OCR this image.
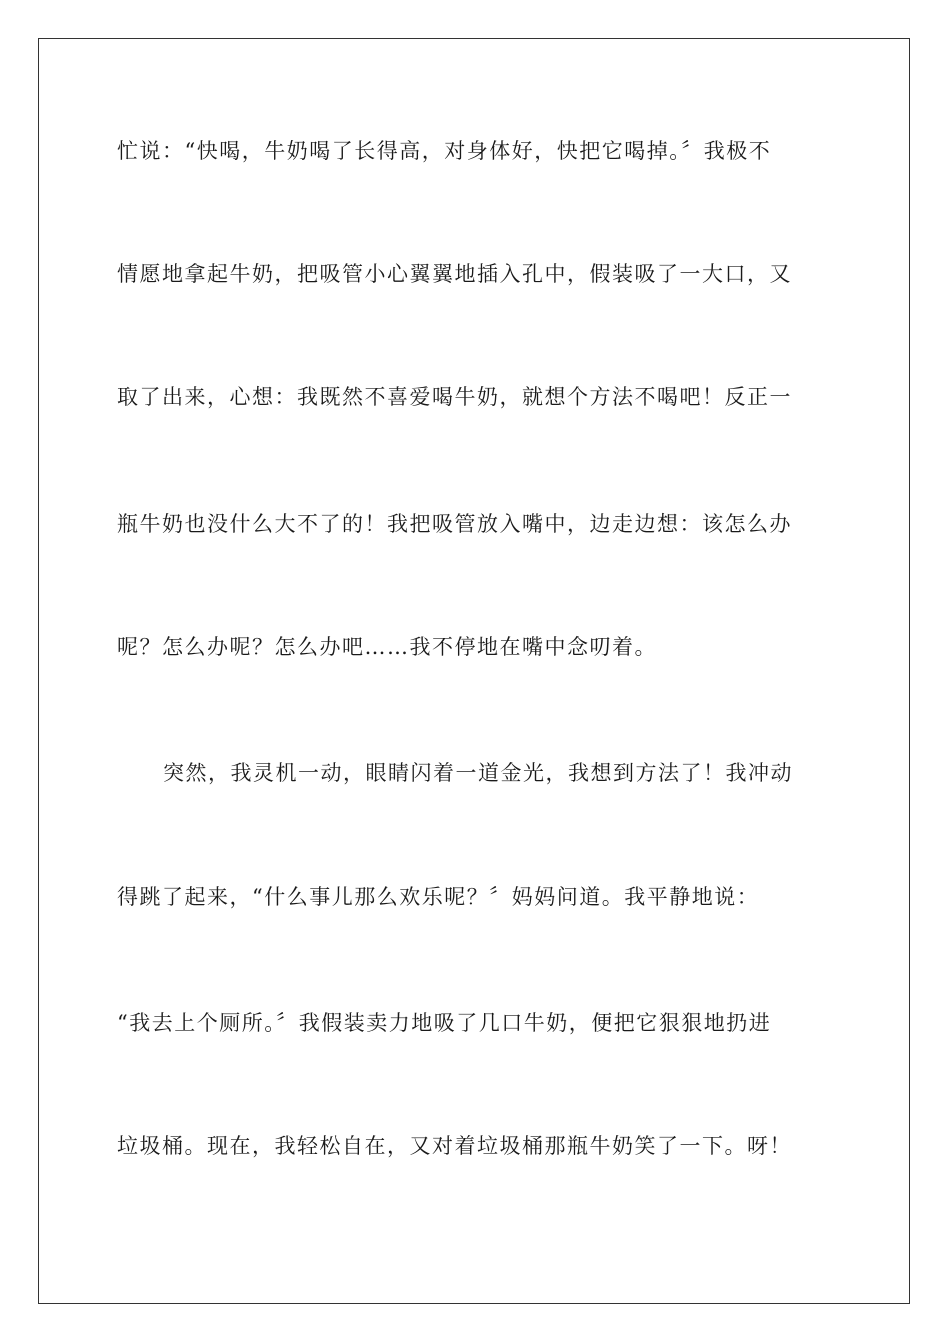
忙说：“快喝，牛奶喝了长得高，对身体好，快把它喝掉。〞我极不
情愿地拿起牛奶，把吸管小心翼翼地插入孔中，假装吸了一大口，又
取了出来，心想：我既然不喜爱喝牛奶，就想个方法不喝吧！反正一
瓶牛奶也没什么大不了的！我把吸管放入嘴中，边走边想：该怎么办
呢？怎么办呢？怎么办吧……我不停地在嘴中念叨着。
突然，我灵机一动，眼睛闪着一道金光，我想到方法了！我冲动
得跳了起来，“什么事儿那么欢乐呢？〞妈妈问道。我平静地说：
“我去上个厕所。〞我假装卖力地吸了几口牛奶，便把它狠狠地扔进
垃圾桶。现在，我轻松自在，又对着垃圾桶那瓶牛奶笑了一下。呀！
